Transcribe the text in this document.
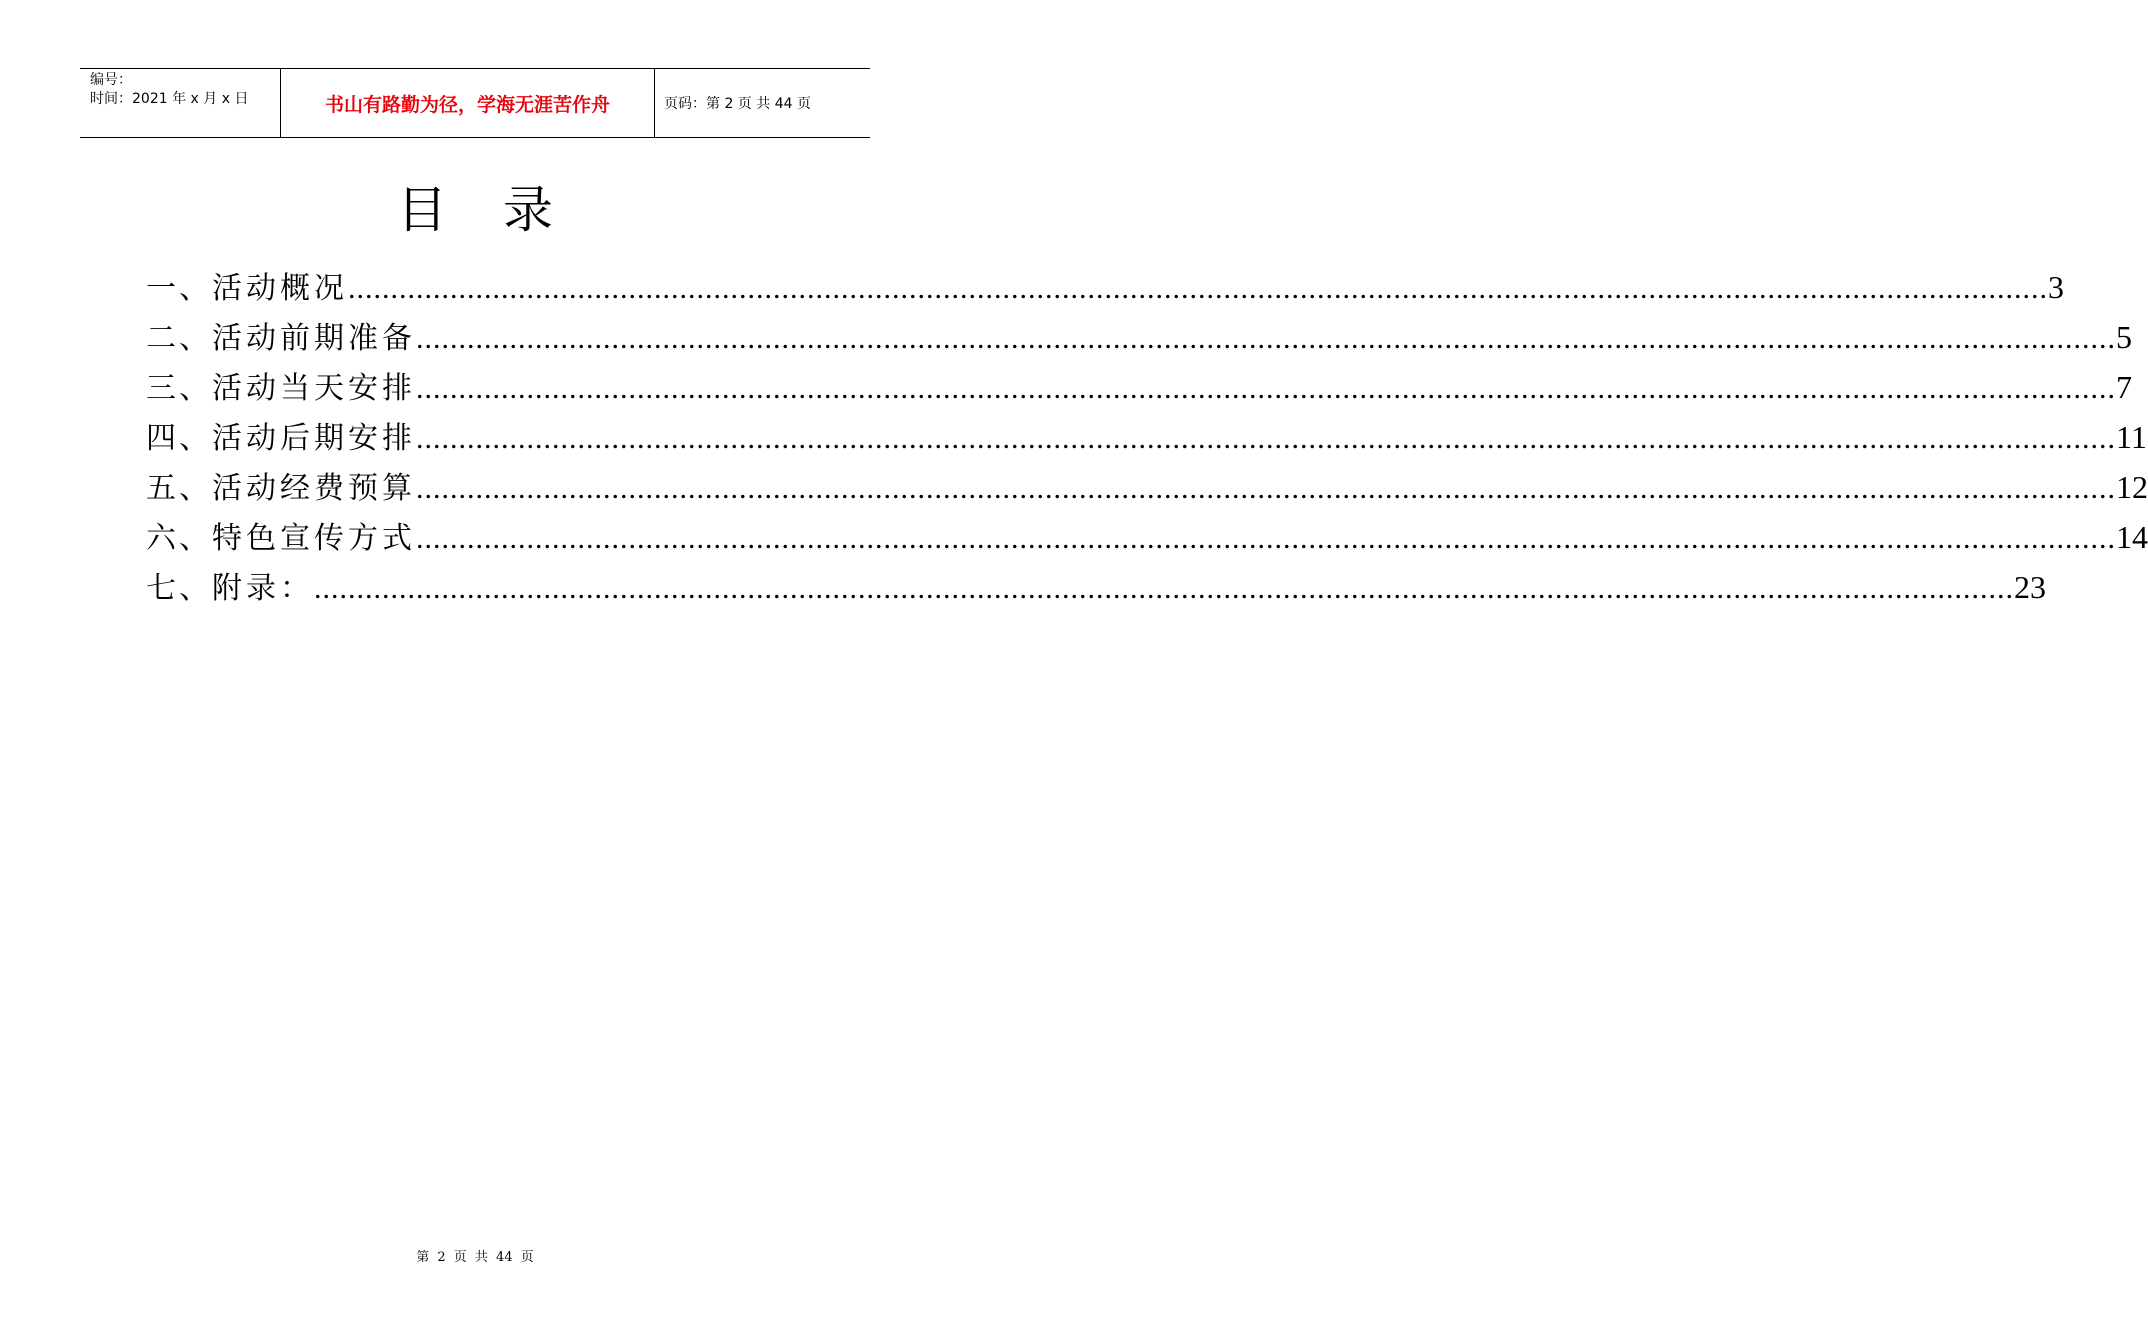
编号：
时间：2021 年 x 月 x 日	书山有路勤为径，学海无涯苦作舟	页码：第 2 页 共 44 页
目录
一、 活动概况 ........................................................................................................................................................................................................ 3
二、 活动前期准备 ........................................................................................................................................................................................................ 5
三、 活动当天安排 ........................................................................................................................................................................................................ 7
四、 活动后期安排 ........................................................................................................................................................................................................ 11
五、 活动经费预算 ........................................................................................................................................................................................................ 12
六、 特色宣传方式 ........................................................................................................................................................................................................ 14
七、 附录： ........................................................................................................................................................................................................ 23
第 2 页 共 44 页
